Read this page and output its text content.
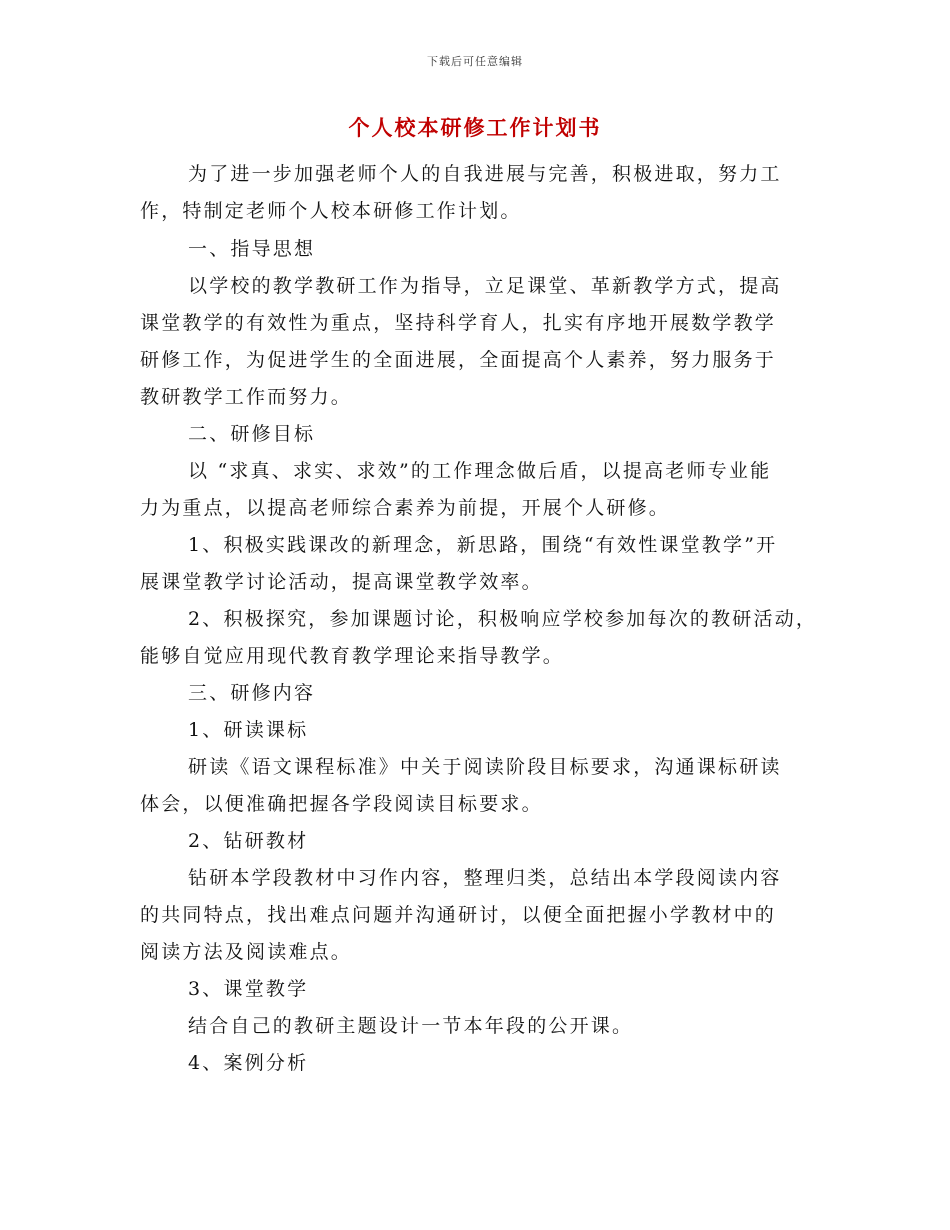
下载后可任意编辑
个人校本研修工作计划书
为了进一步加强老师个人的自我进展与完善，积极进取，努力工
作，特制定老师个人校本研修工作计划。
一、指导思想
以学校的教学教研工作为指导，立足课堂、革新教学方式，提高
课堂教学的有效性为重点，坚持科学育人，扎实有序地开展数学教学
研修工作，为促进学生的全面进展，全面提高个人素养，努力服务于
教研教学工作而努力。
二、研修目标
以 “求真、求实、求效”的工作理念做后盾，以提高老师专业能
力为重点，以提高老师综合素养为前提，开展个人研修。
1、积极实践课改的新理念，新思路，围绕“有效性课堂教学”开
展课堂教学讨论活动，提高课堂教学效率。
2、积极探究，参加课题讨论，积极响应学校参加每次的教研活动，
能够自觉应用现代教育教学理论来指导教学。
三、研修内容
1、研读课标
研读《语文课程标准》中关于阅读阶段目标要求，沟通课标研读
体会，以便准确把握各学段阅读目标要求。
2、钻研教材
钻研本学段教材中习作内容，整理归类，总结出本学段阅读内容
的共同特点，找出难点问题并沟通研讨，以便全面把握小学教材中的
阅读方法及阅读难点。
3、课堂教学
结合自己的教研主题设计一节本年段的公开课。
4、案例分析
